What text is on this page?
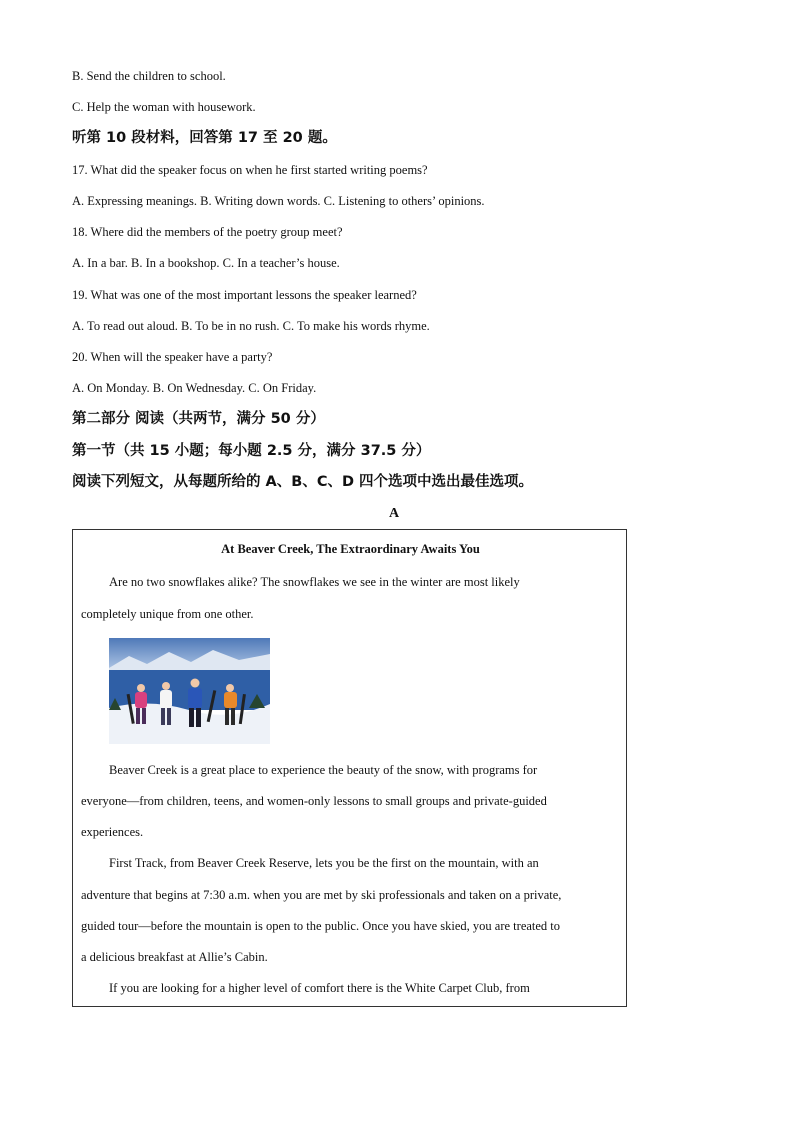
B. Send the children to school.
C. Help the woman with housework.
听第 10 段材料，回答第 17 至 20 题。
17. What did the speaker focus on when he first started writing poems?
A. Expressing meanings. B. Writing down words. C. Listening to others’ opinions.
18. Where did the members of the poetry group meet?
A. In a bar. B. In a bookshop. C. In a teacher’s house.
19. What was one of the most important lessons the speaker learned?
A. To read out aloud. B. To be in no rush. C. To make his words rhyme.
20. When will the speaker have a party?
A. On Monday. B. On Wednesday. C. On Friday.
第二部分 阅读（共两节，满分 50 分）
第一节（共 15 小题；每小题 2.5 分，满分 37.5 分）
阅读下列短文，从每题所给的 A、B、C、D 四个选项中选出最佳选项。
A
At Beaver Creek, The Extraordinary Awaits You
Are no two snowflakes alike? The snowflakes we see in the winter are most likely
completely unique from one other.
Beaver Creek is a great place to experience the beauty of the snow, with programs for
everyone—from children, teens, and women-only lessons to small groups and private-guided
experiences.
First Track, from Beaver Creek Reserve, lets you be the first on the mountain, with an
adventure that begins at 7:30 a.m. when you are met by ski professionals and taken on a private,
guided tour—before the mountain is open to the public. Once you have skied, you are treated to
a delicious breakfast at Allie’s Cabin.
If you are looking for a higher level of comfort there is the White Carpet Club, from
